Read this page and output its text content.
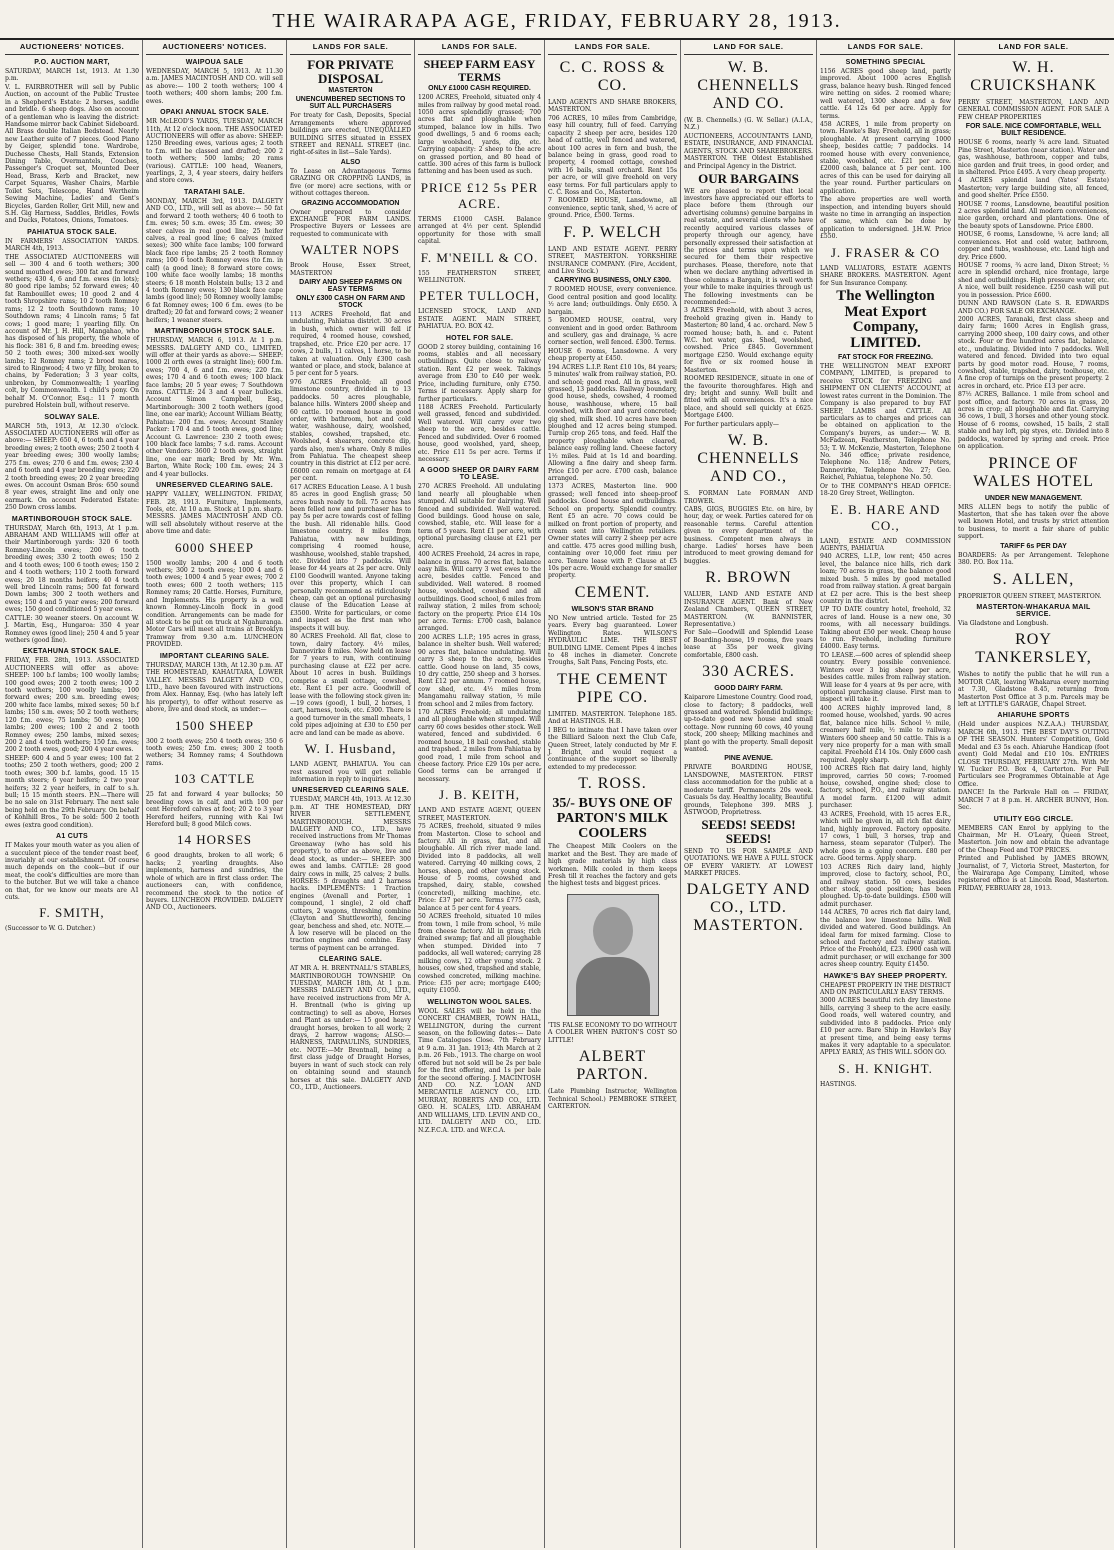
THE WAIRARAPA AGE, FRIDAY, FEBRUARY 28, 1913.
AUCTIONEERS' NOTICES.
P.O. AUCTION MART,
SATURDAY, MARCH 1st, 1913. At 1.30 p.m.
V. L. FAIRBROTHER will sell by Public Auction, on account of the Public Trustee in a Shepherd's Estate: 2 horses, saddle and bridle. 6 sheep dogs. Also on account of a gentleman who is leaving the district: Handsome mirror back Cabinet Sideboard. All Brass double Italian Bedstead. Nearly new Leather suite of 7 pieces. Good Piano by Geiger, splendid tone. Wardrobe, Duchesse Chests, Hall Stands, Extension Dining Table, Overmantels, Couches, Passenger's Croquet set, Mounted Deer Head, Brass, Kerb and Bracket, new Carpet Squares, Washer Chairs, Marble Toilet Sets, Telescope, Hand Wertheim Sewing Machine, Ladies' and Gent's Bicycles, Garden Roller, Grit Mill, new and S.H. Gig Harness, Saddles, Bridles, Fowls and Ducks, Potatoes, Onions, Tomatoes.
PAHIATUA STOCK SALE.
IN FARMERS' ASSOCIATION YARDS. MARCH 4th, 1913.
THE ASSOCIATED AUCTIONEERS will sell — 300 4 and 6 tooth wethers; 300 sound mouthed ewes; 300 fat and forward wethers; 430 4, 6 and f.m. ewes (in lots); 80 good ripe lambs; 52 forward ewes; 40 fat Rambouillet ewes; 10 good 2 and 4 tooth Shropshire rams; 10 2 tooth Romney rams; 12 2 tooth Southdown rams; 10 Southdown rams; 4 Lincoln rams; 5 fat cows; 1 good mare; 1 yearling filly. On account of Mr. J. H. Hill, Mangahao, who has disposed of his property, the whole of his flock: 381 6, 8 and f.m. breeding ewes; 50 2 tooth ewes; 300 mixed-sex woolly lambs; 12 Romney rams; 2 brood mares, sired to Ringwood; 4 two yr filly, broken to chains, by Federation; 3 3 year colts, unbroken, by Commonwealth; 1 yearling colt, by Commonwealth. 1 child's pony. On behalf M. O'Connor, Esq.: 11 7 month purebred Holstein bull, without reserve.
SOLWAY SALE.
MARCH 5th, 1913, At 12.30 o'clock. ASSOCIATED AUCTIONEERS will offer as above:— SHEEP: 650 4, 6 tooth and 4 year breeding ewes; 2 tooth ewes; 250 2 tooth 4 year breeding ewes; 300 woolly lambs; 275 f.m. ewes; 270 6 and f.m. ewes; 230 4 and 6 tooth and 4 year breeding ewes; 220 2 tooth breeding ewes; 20 2 year breeding ewes. On account Osman Bros: 650 sound 8 year ewes, straight line and only one earmark. On account Federated Estate: 250 Down cross lambs.
MARTINBOROUGH STOCK SALE.
THURSDAY, March 6th, 1913, At 1 p.m. ABRAHAM AND WILLIAMS will offer at their Martinborough yards: 320 6 tooth Romney-Lincoln ewes; 200 6 tooth breeding ewes; 330 2 tooth ewes; 150 2 and 4 tooth ewes; 100 6 tooth ewes; 150 2 and 4 tooth wethers; 110 2 tooth forward ewes; 20 18 months heifers; 40 4 tooth well bred Lincoln rams; 500 fat forward Down lambs; 300 2 tooth wethers and ewes; 150 4 and 5 year ewes; 200 forward ewes; 150 good conditioned 5 year ewes.
CATTLE: 30 weaner steers. On account W. J. Martin, Esq., Hungaroa: 350 4 year Romney ewes (good line); 250 4 and 5 year wethers (good line).
EKETAHUNA STOCK SALE.
FRIDAY, FEB. 28th, 1913. ASSOCIATED AUCTIONEERS will offer as above: SHEEP: 100 b.f lambs; 100 woolly lambs; 100 good ewes; 200 2 tooth ewes; 100 2 tooth wethers; 100 woolly lambs; 100 forward ewes; 200 s.m. breeding ewes; 200 white face lambs, mixed sexes; 50 b.f lambs; 150 s.m. ewes; 50 2 tooth wethers; 120 f.m. ewes; 75 lambs; 50 ewes; 100 lambs; 200 ewes; 100 2 and 2 tooth Romney ewes; 250 lambs, mixed sexes; 200 2 and 4 tooth wethers; 150 f.m. ewes; 200 2 tooth ewes, good; 200 4 year ewes.
SHEEP: 600 4 and 5 year ewes; 100 fat 2 tooths; 250 2 tooth wethers, good; 200 2 tooth ewes; 300 b.f. lambs, good. 15 15 month steers; 6 year heifers; 2 two year heifers; 32 2 year heifers, in calf to s.h. bull; 15 15 month steers. P.N.—There will be no sale on 31st February. The next sale being held on the 29th February. On behalf of Kohlhill Bros., To be sold: 500 2 tooth ewes (extra good condition).
A1 CUTS
IT Makes your mouth water as you alien of a succulent piece of the tender roast beef, invariably at our establishment. Of course much depends on the cook—but if our meat, the cook's difficulties are more than to the butcher. But we will take a chance on that, for we know our meats are A1 cuts.
F. SMITH,
(Successor to W. G. Dutcher.)
AUCTIONEERS' NOTICES.
WAIPOUA SALE
WEDNESDAY, MARCH 5, 1913. At 11.30 a.m. JAMES MACINTOSH AND CO. will sell as above:— 100 2 tooth wethers; 100 4 tooth wethers; 400 shorn lambs; 200 f.m. ewes.
OPAKI ANNUAL STOCK SALE.
MR McLEOD'S YARDS, TUESDAY, MARCH 11th, At 12 o'clock noon. THE ASSOCIATED AUCTIONEERS will offer as above: SHEEP: 1250 Breeding ewes, various ages; 2 tooth to f.m. will be classed and drafted; 200 2 tooth wethers; 500 lambs; 20 rams (various). CATTLE: 100 head, Weaners, yearlings, 2, 3, 4 year steers, dairy heifers and store cows.
TARATAHI SALE.
MONDAY, MARCH 3rd, 1913. DALGETY AND CO., LTD., will sell as above:— 50 fat and forward 2 tooth wethers; 40 6 tooth to f.m. ewes; 50 s.m. ewes; 35 f.m. ewes; 30 steer calves in real good line; 25 heifer calves, a real good line; 6 calves (mixed sexes); 300 white face lambs; 100 forward black face ripe lambs; 25 2 tooth Romney rams; 100 6 tooth Romney ewes (to f.m. in calf) (a good line); 8 forward store cows; 100 white face woolly lambs; 18 months steers; 6 18 month Holstein bulls; 13 2 and 4 tooth Romney ewes; 130 black face cape lambs (good line); 50 Romney woolly lambs; 6 fat Romney ewes; 100 6 f.m. ewes (to be drafted); 20 fat and forward cows; 2 weaner heifers; 1 weaner steers.
MARTINBOROUGH STOCK SALE.
THURSDAY, MARCH 6, 1913. At 1 p.m. MESSRS. DALGETY AND CO., LIMITED, will offer at their yards as above:— SHEEP: 1000 2l orth ewes (a straight line); 600 f.m. ewes; 700 4, 6 and f.m. ewes; 220 f.m. ewes; 170 4 and 6 tooth ewes; 100 black face lambs; 20 5 year ewes; 7 Southdown rams. CATTLE: 24 3 and 4 year bullocks. Account Simon Campbell, Esq., Martinborough: 300 2 tooth wethers (good line, one ear mark); Account William Beatty, Pahiatua: 200 f.m. ewes; Account Stanley Packer: 170 4 and 5 tooth ewes, good line; Account G. Lawrence: 230 2 tooth ewes; 100 black face lambs; 7 s.d. rams. Account other Vendors: 3600 2 tooth ewes, straight line, one ear mark; Bred by Mr. Wm. Barton, White Rock; 100 f.m. ewes; 24 3 and 4 year bullocks.
UNRESERVED CLEARING SALE.
HAPPY VALLEY, WELLINGTON. FRIDAY, FEB. 28, 1913. Furniture, Implements, Tools, etc. At 10 a.m. Stock at 1 p.m. sharp. MESSRS. JAMES MACINTOSH AND CO. will sell absolutely without reserve at the above time and date:
6000 SHEEP
1500 woolly lambs; 200 4 and 6 tooth wethers; 300 2 tooth ewes; 1000 4 and 6 tooth ewes; 1000 4 and 5 year ewes; 700 2 tooth ewes; 600 2 tooth wethers; 115 Romney rams; 20 Cattle. Horses, Furniture, and Implements. His property is a well known Romney-Lincoln flock in good condition. Arrangements can be made for all stock to be put on truck at Ngahuranga. Motor Cars will meet all trains at Brooklyn Tramway from 9.30 a.m. LUNCHEON PROVIDED.
IMPORTANT CLEARING SALE.
THURSDAY, MARCH 13th, At 12.30 p.m. AT THE HOMESTEAD, KAHAUTARA, LOWER VALLEY. MESSRS DALGETY AND CO., LTD., have been favoured with instructions from Alex. Hannay, Esq. (who has lately left his property), to offer without reserve as above, live and dead stock, as under:—
1500 SHEEP
300 2 tooth ewes; 250 4 tooth ewes; 350 6 tooth ewes; 250 f.m. ewes; 300 2 tooth wethers; 34 Romney rams; 4 Southdown rams.
103 CATTLE
25 fat and forward 4 year bullocks; 50 breeding cows in calf, and with 100 per cent Hereford calves at foot; 20 2 to 3 year Hereford heifers, running with Kai Iwi Hereford bull; 8 good Milch cows.
14 HORSES
6 good draughts, broken to all work; 6 hacks; 2 yearling draughts. Also implements, harness and sundries, the whole of which are in first class order. The auctioneers can, with confidence, recommend the stock to the notice of buyers. LUNCHEON PROVIDED. DALGETY AND CO., Auctioneers.
LANDS FOR SALE.
FOR PRIVATE DISPOSAL
MASTERTON
UNENCUMBERED SECTIONS TO SUIT ALL PURCHASERS
For treaty for Cash, Deposits, Special Arrangements where approved buildings are erected, UNEQUALLED BUILDING SITES situated in ESSEX STREET and RENALL STREET (inc. right-of-sites in list—Sale Yards).
ALSO
To Lease on Advantageous Terms GRAZING OR CROPPING LANDS, in five (or more) acre sections, with or without cottages thereon.
GRAZING ACCOMMODATION
Owner prepared to consider EXCHANGE FOR FARM LANDS. Prospective Buyers or Lessees are requested to communicate with
WALTER NOPS
Brook House, Essex Street, MASTERTON
DAIRY AND SHEEP FARMS ON EASY TERMS
ONLY £300 CASH ON FARM AND STOCK
113 ACRES Freehold, flat and undulating, Pahiatua district. 30 acres in bush, which owner will fell if required, 4 roomed house, cowshed, trapshed, etc. Price £20 per acre. 17 cows, 2 bulls, 11 calves, 1 horse, to be taken at valuation. Only £300 cash wanted or place, and stock, balance at 5 per cent for 5 years.
976 ACRES Freehold; all good limestone country, divided in to 13 paddocks. 50 acres ploughable, balance hills. Winters 2000 sheep and 60 cattle. 10 roomed house in good order, with bathroom, hot and cold water, washhouse, dairy, woolshed, stables, cowshed, trapshed, etc. Woolshed, 4 shearers, concrete dip, yards also, men's whare. Only 8 miles from Pahiatua. The cheapest sheep country in this district at £12 per acre. £6000 can remain on mortgage at £4 per cent.
617 ACRES Education Lease. A 1 bush 85 acres in good English grass; 50 acres bush ready to fell. 75 acres has been felled now and purchaser has to pay 5s per acre towards cost of felling the bush. All ridenable hills. Good limestone country. 8 miles from Pahiatua, with new buildings, comprising 4 roomed house, washhouse, woolshed, stable trapshed, etc. Divided into 7 paddocks. Will lease for 44 years at 2s per acre. Only £100 Goodwill wanted. Anyone taking over this property, which I can personally recommend as ridiculously cheap, can get an optional purchasing clause of the Education Lease at £3500. Write for particulars, or come and inspect as the first man who inspects it will buy.
80 ACRES Freehold. All flat, close to town, dairy factory. 4½ miles, Dannevirke 8 miles. Now held on lease for 7 years to run, with continuing purchasing clause at £22 per acre. About 10 acres in bush. Buildings comprise a small cottage, cowshed, etc. Rent £1 per acre. Goodwill of lease with the following stock given in:—19 cows (good), 1 bull, 2 horses, 1 cart, harness, tools, etc. £300. There is a good turnover in the small mheats, 1 cold pipes adjoining at £30 to £50 per acre and land can be made as above.
W. I. Husband,
LAND AGENT, PAHIATUA. You can rest assured you will get reliable information in reply to inquiries.
UNRESERVED CLEARING SALE.
TUESDAY, MARCH 4th, 1913. At 12.30 p.m. AT THE HOMESTEAD, DRY RIVER SETTLEMENT, MARTINBOROUGH. MESSRS DALGETY AND CO., LTD., have received instructions from Mr Thomas Greenaway (who has sold his property), to offer as above, live and dead stock, as under:— SHEEP: 300 ewes and lambs. CATTLE: 28 good dairy cows in milk, 25 calves; 2 bulls. HORSES: 5 draughts and 2 harness hacks. IMPLEMENTS: 1 Traction engines (Avenall and Porter, 1 compound, 1 single), 2 old chaff cutters, 2 wagons, threshing combine (Clayton and Shuttleworth), fencing gear, benchess and shed, etc. NOTE.—A low reserve will be placed on the traction engines and combine. Easy terms of payment can be arranged.
CLEARING SALE.
AT MR A. H. BRENTNALL'S STABLES, MARTINBOROUGH TOWNSHIP. On TUESDAY, MARCH 18th, At 1 p.m. MESSRS DALGETY AND CO., LTD., have received instructions from Mr A. H. Brentnall (who is giving up contracting) to sell as above, Horses and Plant as under:— 15 good heavy draught horses, broken to all work; 2 drays, 2 harrow wagons; ALSO:— HARNESS, TARPAULINS, SUNDRIES, etc. NOTE:—Mr Brentnall, being a first class judge of Draught Horses, buyers in want of such stock can rely on obtaining sound and staunch horses at this sale. DALGETY AND CO., LTD., Auctioneers.
LANDS FOR SALE.
SHEEP FARM EASY TERMS
ONLY £1000 CASH REQUIRED.
1200 ACRES, Freehold, situated only 4 miles from railway by good metal road. 1050 acres splendidly grassed; 700 acres flat and ploughable when stumped, balance low in hills. Two good dwellings, 5 and 6 rooms each; large woolshed, yards, dip, etc. Carrying capacity: 2 sheep to the acre on grassed portion, and 80 head of cattle. 300 acres of this farm is bullock fattening and has been used as such.
PRICE £12 5s PER ACRE.
TERMS £1000 CASH. Balance arranged at 4½ per cent. Splendid opportunity for those with small capital.
F. M'NEILL & CO.
155 FEATHERSTON STREET, WELLINGTON.
PETER TULLOCH,
LICENSED STOCK, LAND AND ESTATE AGENT. MAIN STREET, PAHIATUA. P.O. BOX 42.
HOTEL FOR SALE.
GOOD 2 storey building, containing 16 rooms, stables and all necessary outbuildings. Quite close to railway station. Rent £2 per week. Takings average from £30 to £40 per week. Price, including furniture, only £750. Terms if necessary. Apply sharp for further particulars.
1188 ACRES Freehold. Particularly well grassed, fenced and subdivided. Well watered. Will carry over two sheep to the acre, besides cattle. Fenced and subdivided. Over 6 roomed house, good woolshed, yard, sheep, etc. Price £11 5s per acre. Terms if necessary.
A GOOD SHEEP OR DAIRY FARM TO LEASE.
270 ACRES Freehold. All undulating land nearly all ploughable when stumped. All suitable for dairying. Well fenced and subdivided. Well watered. Good buildings. Good house on sale, cowshed, stable, etc. Will lease for a term of 5 years. Rent £1 per acre, with optional purchasing clause at £21 per acre.
400 ACRES Freehold, 24 acres in rape, balance in grass. 70 acres flat, balance easy hills. Will carry 3 wet ewes to the acre, besides cattle. Fenced and subdivided. Well watered. 8 roomed house, woolshed, cowshed and all outbuildings. Good school, 6 miles from railway station, 2 miles from school; factory on the property. Price £14 10s per acre. Terms: £700 cash, balance arranged.
200 ACRES L.I.P.; 195 acres in grass, balance in shelter bush. Well watered; 90 acres flat, balance undulating. Will carry 3 sheep to the acre, besides cattle. Good house on land, 35 cows, 10 dry cattle, 250 sheep and 3 horses. Rent £12 per annum. 7 roomed house, cow shed, etc. 4½ miles from Mangamahu railway station, ½ mile from school and 2 miles from factory.
170 ACRES Freehold; all undulating and all ploughable when stumped. Will carry 60 cows besides other stock. Well watered, fenced and subdivided. 6 roomed house, 18 bail cowshed, stable and trapshed. 2 miles from Pahiatua by good road, 1 mile from school and cheese factory. Price £29 10s per acre. Good terms can be arranged if necessary.
J. B. KEITH,
LAND AND ESTATE AGENT, QUEEN STREET, MASTERTON.
75 ACRES, freehold, situated 9 miles from Masterton. Close to school and factory. All in grass, flat, and all ploughable. All rich river made land. Divided into 8 paddocks, all well watered. Carrying 40 milking cows, 2 horses, sheep, and other young stock. House of 5 rooms, cowshed and trapshed, dairy, stable, cowshed (concreted), milking machine, etc. Price: £37 per acre. Terms £775 cash, balance at 5 per cent for 4 years.
50 ACRES freehold, situated 10 miles from town, 1 mile from school, ½ mile from cheese factory. All in grass; rich drained swamp; flat and all ploughable when stumped. Divided into 7 paddocks, all well watered; carrying 28 milking cows, 12 other young stock. 2 houses, cow shed, trapshed and stable, cowshed concreted, milking machine. Price: £35 per acre; mortgage £400; equity £1050.
WELLINGTON WOOL SALES.
WOOL SALES will be held in the CONCERT CHAMBER, TOWN HALL, WELLINGTON, during the current season, on the following dates:— Date Time Catalogues Close. 7th February at 9 a.m. 31 Jan. 1913; 4th March at 2 p.m. 26 Feb., 1913. The charge on wool offered but not sold will be 2s per bale for the first offering, and 1s per bale for the second offering. J. MACINTOSH AND CO. N.Z. LOAN AND MERCANTILE AGENCY CO., LTD. MURRAY, ROBERTS AND CO., LTD. GEO. H. SCALES, LTD. ABRAHAM AND WILLIAMS, LTD. LEVIN AND CO., LTD. DALGETY AND CO., LTD. N.Z.F.C.A. LTD. and W.F.C.A.
LANDS FOR SALE.
C. C. ROSS & CO.
LAND AGENTS AND SHARE BROKERS, MASTERTON.
706 ACRES, 10 miles from Cambridge, easy hill country, full of feed. Carrying capacity 2 sheep per acre, besides 120 head of cattle, well fenced and watered, about 100 acres in fern and bush, the balance being in grass, good road to property, 4 roomed cottage, cowshed with 16 bails, small orchard. Rent 15s per acre, or will give freehold on very easy terms. For full particulars apply to C. C. Ross and Co., Masterton.
7 ROOMED HOUSE, Lansdowne, all convenience, septic tank, shed, ½ acre of ground. Price, £500. Terms.
F. P. WELCH
LAND AND ESTATE AGENT. PERRY STREET, MASTERTON. YORKSHIRE INSURANCE COMPANY. (Fire, Accident, and Live Stock.)
CARRYING BUSINESS, ONLY £300.
7 ROOMED HOUSE, every convenience. Good central position and good locality. ½ acre land; outbuildings. Only £650. A bargain.
5 ROOMED HOUSE, central, very convenient and in good order. Bathroom and scullery, gas and drainage, ¼ acre corner section, well fenced. £300. Terms.
HOUSE 6 rooms, Lansdowne. A very cheap property at £450.
194 ACRES L.I.P. Rent £10 10s, 84 years; 5 minutes' walk from railway station, P.O. and school; good road. All in grass, well grassed, 13 paddocks. Railway boundary, good house, sheds, cowshed, 4 roomed house, washhouse, where, 15 bail cowshed, with floor and yard concreted; gig shed, milk shed. 10 acres have been ploughed and 12 acres being stumped. Turnip crop 265 tons, and feed. Half the property ploughable when cleared, balance easy rolling land. Cheese factory 1½ miles. Paid at 1s 1d and boarding. Allowing a fine dairy and sheep farm. Price £10 per acre. £700 cash, balance arranged.
1373 ACRES, Masterton line. 900 grassed; well fenced into sheep-proof paddocks. Good house and outbuildings. School on property. Splendid country. Rent £5 an acre. 70 cows could be milked on front portion of property, and cream sent into Wellington retailers. Owner states will carry 2 sheep per acre and cattle. 475 acres good milling bush, containing over 10,000 feet rimu per acre. Tenure lease with P. Clause at £5 10s per acre. Would exchange for smaller property.
CEMENT.
WILSON'S STAR BRAND
NO New untried article. Tested for 25 years. Every bag guaranteed. Lower Wellington Rates. WILSON'S HYDRAULIC LIME. THE BEST BUILDING LIME. Cement Pipes 4 inches to 48 inches in diameter. Concrete Troughs, Salt Pans, Fencing Posts, etc.
THE CEMENT PIPE CO.
LIMITED. MASTERTON. Telephone 185. And at HASTINGS. H.B.
I BEG to intimate that I have taken over the Billiard Saloon next the Club Cafe, Queen Street, lately conducted by Mr F. J. Bright, and would request a continuance of the support so liberally extended to my predecessor.
T. ROSS.
35/- BUYS ONE OF PARTON'S MILK COOLERS
The Cheapest Milk Coolers on the market and the Best. They are made of high grade materials by high class workmen. Milk cooled in them keeps Fresh till it reaches the factory and gets the highest tests and biggest prices.
'TIS FALSE ECONOMY TO DO WITHOUT A COOLER WHEN PARTON'S COST SO LITTLE!
ALBERT PARTON.
(Late Plumbing Instructor, Wellington Technical School.) PEMBROKE STREET, CARTERTON.
LAND FOR SALE.
W. B. CHENNELLS AND CO.
(W. B. Chennells.) (G. W. Sellar.) (A.I.A., N.Z.)
AUCTIONEERS, ACCOUNTANTS LAND, ESTATE, INSURANCE, AND FINANCIAL AGENTS, STOCK AND SHAREBROKERS. MASTERTON. THE Oldest Established and Principal Agency in the District.
OUR BARGAINS
WE are pleased to report that local investors have appreciated our efforts to place before them (through our advertising columns) genuine bargains in real estate, and several clients who have recently acquired various classes of property through our agency, have personally expressed their satisfaction at the prices and terms upon which we secured for them their respective purchases. Please, therefore, note that when we declare anything advertised in these columns a Bargain, it is well worth your while to make inquiries through us! The following investments can be recommended:—
3 ACRES Freehold, with about 3 acres, freehold grazing given in. Handy to Masterton; 80 land, 4 ac. orchard. New 5 roomed house; bath, h. and c. Patent W.C. hot water, gas. Shed, woolshed, cowshed. Price £845. Government mortgage £250. Would exchange equity for five or six roomed house in Masterton.
ROOMED RESIDENCE, situate in one of the favourite thoroughfares. High and dry; bright and sunny. Well built and fitted with all conveniences. It's a nice place, and should sell quickly at £625. Mortgage £400.
For further particulars apply—
W. B. CHENNELLS AND CO.,
S. FORMAN Late FORMAN AND TROWER.
CABS, GIGS, BUGGIES Etc. on hire, by hour, day, or week. Parties catered for on reasonable terms. Careful attention given to every department of the business. Competent men always in charge. Ladies' horses have been introduced to meet growing demand for buggies.
R. BROWN
VALUER, LAND AND ESTATE AND INSURANCE AGENT. Bank of New Zealand Chambers, QUEEN STREET, MASTERTON. (W. BANNISTER, Representative.)
For Sale—Goodwill and Splendid Lease of Boarding-house, 19 rooms, five years lease at 35s per week giving comfortable, £800 cash.
330 ACRES.
GOOD DAIRY FARM.
Kaiparore Limestone Country. Good road, close to factory; 8 paddocks, well grassed and watered. Splendid buildings; up-to-date good new house and small cottage. Now running 60 cows, 40 young stock, 200 sheep; Milking machines and plant go with the property. Small deposit wanted.
PINE AVENUE.
PRIVATE BOARDING HOUSE, LANSDOWNE, MASTERTON. FIRST class accommodation for the public at a moderate tariff. Permanents 20s week. Casuals 5s day. Healthy locality, Beautiful grounds, Telephone 399. MRS J. ASTWOOD, Proprietress.
SEEDS! SEEDS! SEEDS!
SEND TO US FOR SAMPLE AND QUOTATIONS. WE HAVE A FULL STOCK OF EVERY VARIETY. AT LOWEST MARKET PRICES.
DALGETY AND CO., LTD. MASTERTON.
LANDS FOR SALE.
SOMETHING SPECIAL
1156 ACRES good sheep land, partly improved. About 1000 acres English grass, balance heavy bush. Ringed fenced wire netting on sides. 2 roomed whare; well watered, 1300 sheep and a few cattle. £4 12s 6d per acre. Apply for terms.
458 ACRES, 1 mile from property on town. Hawke's Bay. Freehold, all in grass; ploughable. At present carrying 1000 sheep, besides cattle; 7 paddocks. 14 roomed house with every convenience, stable, woolshed, etc. £21 per acre. £2000 cash, balance at 5 per cent. 100 acres of this can be used for dairying all the year round. Further particulars on application.
The above properties are well worth inspection, and intending buyers should waste no time in arranging an inspection of same, which can be done by application to undersigned. J.H.W. Price £550.
J. FRASER & CO
LAND VALUATORS, ESTATE AGENTS SHARE BROKERS. MASTERTON. Agent for Sun Insurance Company.
The Wellington Meat Export Company, LIMITED.
FAT STOCK FOR FREEZING.
THE WELLINGTON MEAT EXPORT COMPANY, LIMITED, is prepared to receive STOCK for FREEZING and SHIPMENT ON CLIENTS' ACCOUNT, at lowest rates current in the Dominion. The Company is also prepared to buy FAT SHEEP, LAMBS and CATTLE. All particulars as to charges and prices can be obtained on application to the Company's buyers, as under:— W. B. McFadzean, Featherston, Telephone No. 53; T. W. McKenzie, Masterton, Telephone No. 346 office; private residence, Telephone No. 118; Andrew Peters, Dannevirke, Telephone No. 27; Geo. Reichel, Pahiatua, telephone No. 50.
Or to THE COMPANY'S HEAD OFFICE: 18-20 Grey Street, Wellington.
E. B. HARE AND CO.,
LAND, ESTATE AND COMMISSION AGENTS, PAHIATUA
940 ACRES, L.I.P., low rent; 450 acres level, the balance nice hills, rich dark loam; 70 acres in grass, the balance good mixed bush. 5 miles by good metalled road from railway station. A great bargain at £2 per acre. This is the best sheep country in the district.
UP TO DATE country hotel, freehold, 32 acres of land. House is a new one, 30 rooms, with all necessary buildings. Taking about £50 per week. Cheap house to run. Freehold, including furniture £4000. Easy terms.
TO LEASE.—600 acres of splendid sheep country. Every possible convenience. Winters over 3 big sheep per acre, besides cattle. miles from railway station. Will lease for 4 years at 9s per acre, with optional purchasing clause. First man to inspect will take it.
400 ACRES highly improved land, 8 roomed house, woolshed, yards. 90 acres flat, balance nice hills. School ½ mile, creamery half mile, ½ mile to railway. Winters 600 sheep and 50 cattle. This is a very nice property for a man with small capital. Freehold £14 10s. Only £600 cash required. Apply sharp.
100 ACRES Rich flat dairy land, highly improved, carries 50 cows; 7-roomed house, cowshed, engine shed; close to factory, school, P.O., and railway station. A model farm. £1200 will admit purchaser.
43 ACRES, Freehold, with 15 acres E.R., which will be given in, all rich flat dairy land, highly improved. Factory opposite. 17 cows, 1 bull, 3 horses, trap and harness, steam separator (Tulper). The whole goes in a going concern. £80 per acre. Good terms. Apply sharp.
103 ACRES Rich dairy land, highly improved, close to factory, school, P.O., and railway station. 50 cows, besides other stock, good position; has been ploughed. Up-to-date buildings. £500 will admit purchaser.
144 ACRES, 70 acres rich flat dairy land, the balance low limestone hills. Well divided and watered. Good buildings. An ideal farm for mixed farming. Close to school and factory and railway station. Price of the Freehold, £23. £900 cash will admit purchaser, or will exchange for 300 acres sheep country. Equity £1450.
HAWKE'S BAY SHEEP PROPERTY.
CHEAPEST PROPERTY IN THE DISTRICT AND ON PARTICULARLY EASY TERMS.
3000 ACRES beautiful rich dry limestone hills, carrying 3 sheep to the acre easily. Good roads, well watered country, and subdivided into 8 paddocks. Price only £10 per acre. Bare Ship in Hawke's Bay at present time, and being easy terms makes it very adaptable to a speculator. APPLY EARLY, AS THIS WILL SOON GO.
S. H. KNIGHT.
HASTINGS.
LAND FOR SALE.
W. H. CRUICKSHANK
PERRY STREET, MASTERTON, LAND AND GENERAL COMMISSION AGENT. FOR SALE A FEW CHEAP PROPERTIES
FOR SALE. NICE COMFORTABLE, WELL BUILT RESIDENCE.
HOUSE 6 rooms, nearly ¾ acre land. Situated Pine Street, Masterton (near station). Water and gas, washhouse, bathroom, copper and tubs, nice garden and fruit trees, in good order, and in sheltered. Price £495. A very cheap property.
4 ACRES splendid land (Yates' Estate) Masterton; very large building site, all fenced, and good shelter. Price £550.
HOUSE 7 rooms, Lansdowne, beautiful position 2 acres splendid land. All modern conveniences, nice garden, orchard and plantations. One of the beauty spots of Lansdowne. Price £800.
HOUSE, 6 rooms, Lansdowne, ¼ acre land; all conveniences. Hot and cold water, bathroom, copper and tubs, washhouse, etc. Land high and dry. Price £600.
HOUSE 7 rooms, ¾ acre land, Dixon Street; ½ acre in splendid orchard, nice frontage, large shed and outbuildings. High pressure water, etc. A nice, well built residence. £250 cash will put you in possession. Price £600.
DUNN AND RAWSON (Late S. R. EDWARDS AND CO.) FOR SALE OR EXCHANGE.
2000 ACRES, Taranaki, first class sheep and dairy farm; 1600 Acres in English grass, carrying 2000 sheep, 100 dairy cows, and other stock. Four or five hundred acres flat, balance, etc., undulating. Divided into 7 paddocks. Well watered and fenced. Divided into two equal parts by good motor road. House, 7 rooms, cowshed, stable, trapshed, dairy, toolhouse, etc. A fine crop of turnips on the present property. 2 acres in orchard, etc. Price £13 per acre.
87½ ACRES, Ballance. 1 mile from school and post office, and factory. 70 acres in grass, 20 acres in crop; all ploughable and flat. Carrying 36 cows, 1 bull, 3 horses and other young stock. House of 6 rooms, cowshed, 15 bails, 2 stall stable and hay loft, pig styes, etc. Divided into 8 paddocks, watered by spring and creek. Price on application.
PRINCE OF WALES HOTEL
UNDER NEW MANAGEMENT.
MRS ALLEN begs to notify the public of Masterton, that she has taken over the above well known Hotel, and trusts by strict attention to business, to merit a fair share of public support.
TARIFF 6s PER DAY
BOARDERS: As per Arrangement. Telephone 380. P.O. Box 11a.
S. ALLEN,
PROPRIETOR QUEEN STREET, MASTERTON.
MASTERTON-WHAKARUA MAIL SERVICE.
Via Gladstone and Longbush.
ROY TANKERSLEY,
Wishes to notify the public that he will run a MOTOR CAR, leaving Whakarua every morning at 7.30, Gladstone 8.45, returning from Masterton Post Office at 3 p.m. Parcels may be left at LYTTLE'S GARAGE, Chapel Street.
AHIARUHE SPORTS
(Held under auspices N.Z.A.A.) THURSDAY, MARCH 6th, 1913. THE BEST DAY'S OUTING OF THE SEASON. Hunters' Competition, Gold Medal and £3 5s each. Ahiaruhe Handicap (foot event) Gold Medal and £10 10s. ENTRIES CLOSE THURSDAY, FEBRUARY 27th. With Mr W. Tucker P.O. Box 4, Carterton. For Full Particulars see Programmes Obtainable at Age Office.
DANCE! In the Parkvale Hall on — FRIDAY, MARCH 7 at 8 p.m. H. ARCHER BUNNY, Hon. Sec.
UTILITY EGG CIRCLE.
MEMBERS CAN Enrol by applying to the Chairman, Mr H. O'Leary, Queen Street, Masterton. Join now and obtain the advantage of the Cheap Feed and TOP PRICES.
Printed and Published by JAMES BROWN, Journalist, of 7, Victoria Street, Masterton, for the Wairarapa Age Company, Limited, whose registered office is at Lincoln Road, Masterton. FRIDAY, FEBRUARY 28, 1913.
